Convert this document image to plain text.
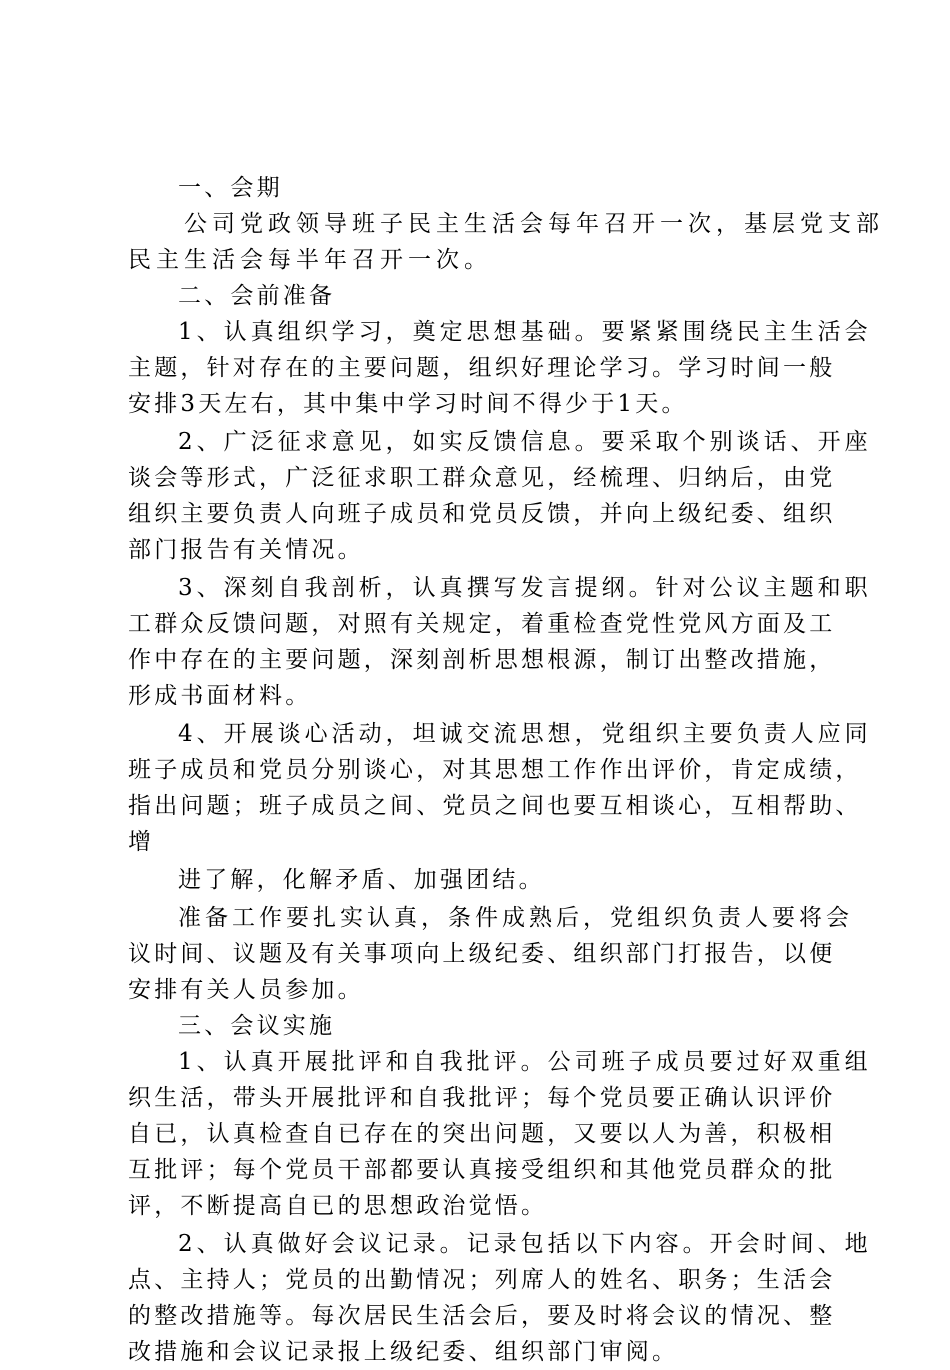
一、会期
公司党政领导班子民主生活会每年召开一次，基层党支部
民主生活会每半年召开一次。
二、会前准备
1、认真组织学习，奠定思想基础。要紧紧围绕民主生活会
主题，针对存在的主要问题，组织好理论学习。学习时间一般
安排3天左右，其中集中学习时间不得少于1天。
2、广泛征求意见，如实反馈信息。要采取个别谈话、开座
谈会等形式，广泛征求职工群众意见，经梳理、归纳后，由党
组织主要负责人向班子成员和党员反馈，并向上级纪委、组织
部门报告有关情况。
3、深刻自我剖析，认真撰写发言提纲。针对公议主题和职
工群众反馈问题，对照有关规定，着重检查党性党风方面及工
作中存在的主要问题，深刻剖析思想根源，制订出整改措施，
形成书面材料。
4、开展谈心活动，坦诚交流思想，党组织主要负责人应同
班子成员和党员分别谈心，对其思想工作作出评价，肯定成绩，
指出问题；班子成员之间、党员之间也要互相谈心，互相帮助、
增
进了解，化解矛盾、加强团结。
准备工作要扎实认真，条件成熟后，党组织负责人要将会
议时间、议题及有关事项向上级纪委、组织部门打报告，以便
安排有关人员参加。
三、会议实施
1、认真开展批评和自我批评。公司班子成员要过好双重组
织生活，带头开展批评和自我批评；每个党员要正确认识评价
自已，认真检查自已存在的突出问题，又要以人为善，积极相
互批评；每个党员干部都要认真接受组织和其他党员群众的批
评，不断提高自已的思想政治觉悟。
2、认真做好会议记录。记录包括以下内容。开会时间、地
点、主持人；党员的出勤情况；列席人的姓名、职务；生活会
的整改措施等。每次居民生活会后，要及时将会议的情况、整
改措施和会议记录报上级纪委、组织部门审阅。
